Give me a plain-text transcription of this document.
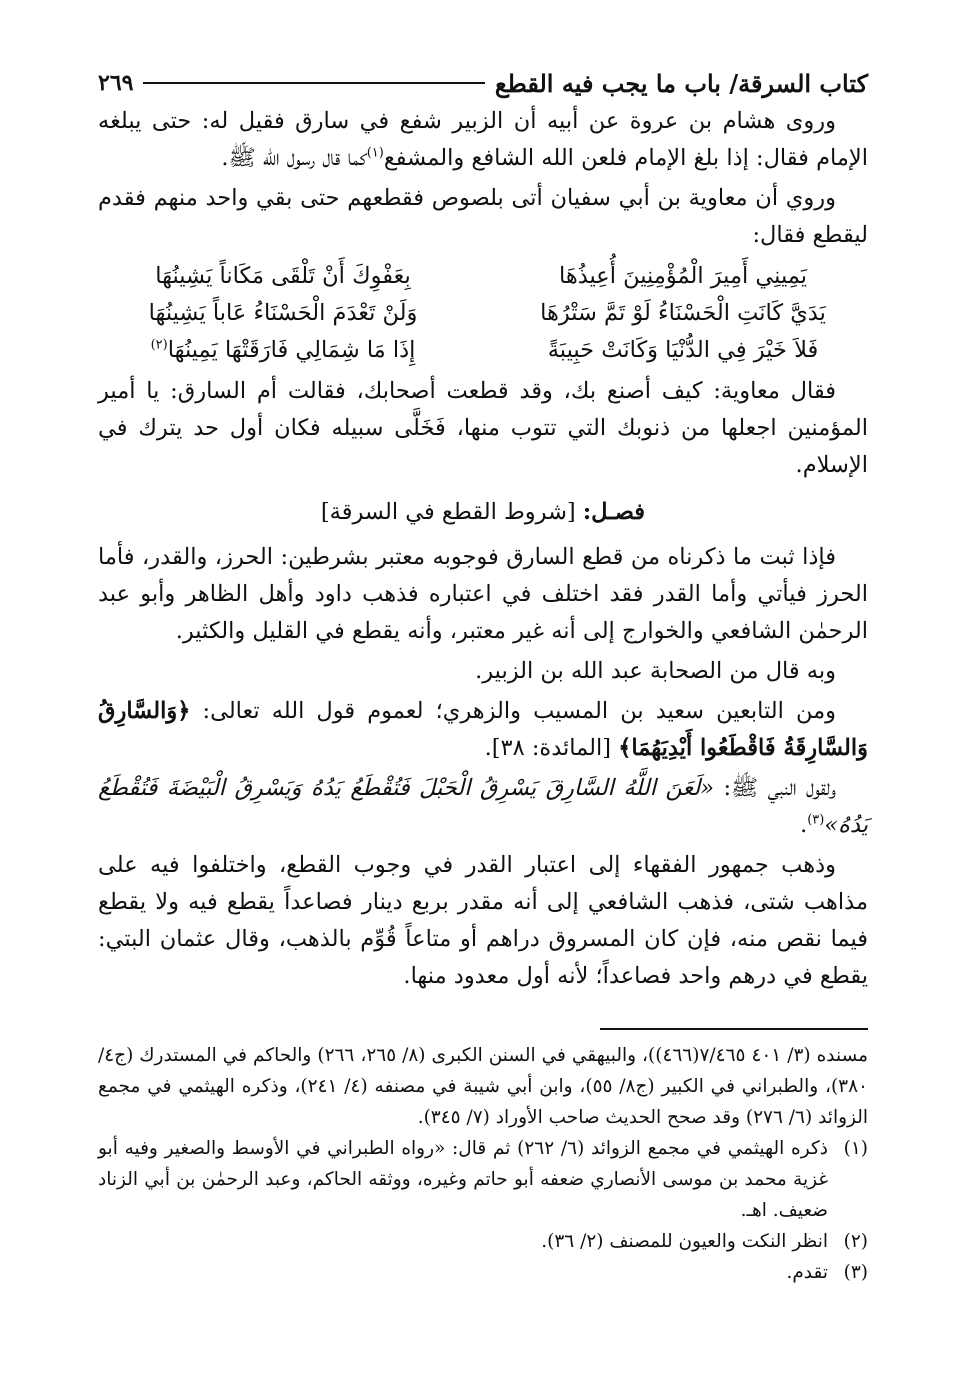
كتاب السرقة/ باب ما يجب فيه القطع
٢٦٩

وروى هشام بن عروة عن أبيه أن الزبير شفع في سارق فقيل له: حتى يبلغه الإمام فقال: إذا بلغ الإمام فلعن الله الشافع والمشفع$^{(١)}$كما قال رسول الله ﷺ.

وروي أن معاوية بن أبي سفيان أتى بلصوص فقطعهم حتى بقي واحد منهم فقدم ليقطع فقال:

يَمِينِي أَمِيرَ الْمُؤْمِنِينَ أُعِيذُهَا
بِعَفْوِكَ أَنْ تَلْقَى مَكَاناً يَشِينُهَا
يَدَيَّ كَانَتِ الْحَسْنَاءُ لَوْ تَمَّ سَتْرُهَا
وَلَنْ تَعْدَمَ الْحَسْنَاءُ عَاباً يَشِينُهَا
فَلاَ خَيْرَ فِي الدُّنْيَا وَكَانَتْ حَبِيبَةً
إِذَا مَا شِمَالِي فَارَقَتْهَا يَمِينُهَا$^{(٢)}$

فقال معاوية: كيف أصنع بك، وقد قطعت أصحابك، فقالت أم السارق: يا أمير المؤمنين اجعلها من ذنوبك التي تتوب منها، فَخَلَّى سبيله فكان أول حد يترك في الإسلام.

فصـل: [شروط القطع في السرقة]

فإذا ثبت ما ذكرناه من قطع السارق فوجوبه معتبر بشرطين: الحرز، والقدر، فأما الحرز فيأتي وأما القدر فقد اختلف في اعتباره فذهب داود وأهل الظاهر وأبو عبد الرحمٰن الشافعي والخوارج إلى أنه غير معتبر، وأنه يقطع في القليل والكثير.

وبه قال من الصحابة عبد الله بن الزبير.

ومن التابعين سعيد بن المسيب والزهري؛ لعموم قول الله تعالى: ﴿وَالسَّارِقُ وَالسَّارِقَةُ فَاقْطَعُوا أَيْدِيَهُمَا﴾ [المائدة: ٣٨].

ولقول النبي ﷺ: «لَعَنَ اللَّهُ السَّارِقَ يَسْرِقُ الْحَبْلَ فَتُقْطَعُ يَدُهُ وَيَسْرِقُ الْبَيْضَةَ فَتُقْطَعُ يَدُهُ»$^{(٣)}$.

وذهب جمهور الفقهاء إلى اعتبار القدر في وجوب القطع، واختلفوا فيه على مذاهب شتى، فذهب الشافعي إلى أنه مقدر بربع دينار فصاعداً يقطع فيه ولا يقطع فيما نقص منه، فإن كان المسروق دراهم أو متاعاً قُوِّم بالذهب، وقال عثمان البتي: يقطع في درهم واحد فصاعداً؛ لأنه أول معدود منها.

مسنده (٣/ ٤٠١ ٧/٤٦٥(٤٦٦))، والبيهقي في السنن الكبرى (٨/ ٢٦٥، ٢٦٦) والحاكم في المستدرك (ج٤/ ٣٨٠)، والطبراني في الكبير (ج٨/ ٥٥)، وابن أبي شيبة في مصنفه (٤/ ٢٤١)، وذكره الهيثمي في مجمع الزوائد (٦/ ٢٧٦) وقد صحح الحديث صاحب الأوراد (٧/ ٣٤٥).

(١)
ذكره الهيثمي في مجمع الزوائد (٦/ ٢٦٢) ثم قال: «رواه الطبراني في الأوسط والصغير وفيه أبو غزية محمد بن موسى الأنصاري ضعفه أبو حاتم وغيره، ووثقه الحاكم، وعبد الرحمٰن بن أبي الزناد ضعيف. اهـ.
(٢)
انظر النكت والعيون للمصنف (٢/ ٣٦).
(٣)
تقدم.
